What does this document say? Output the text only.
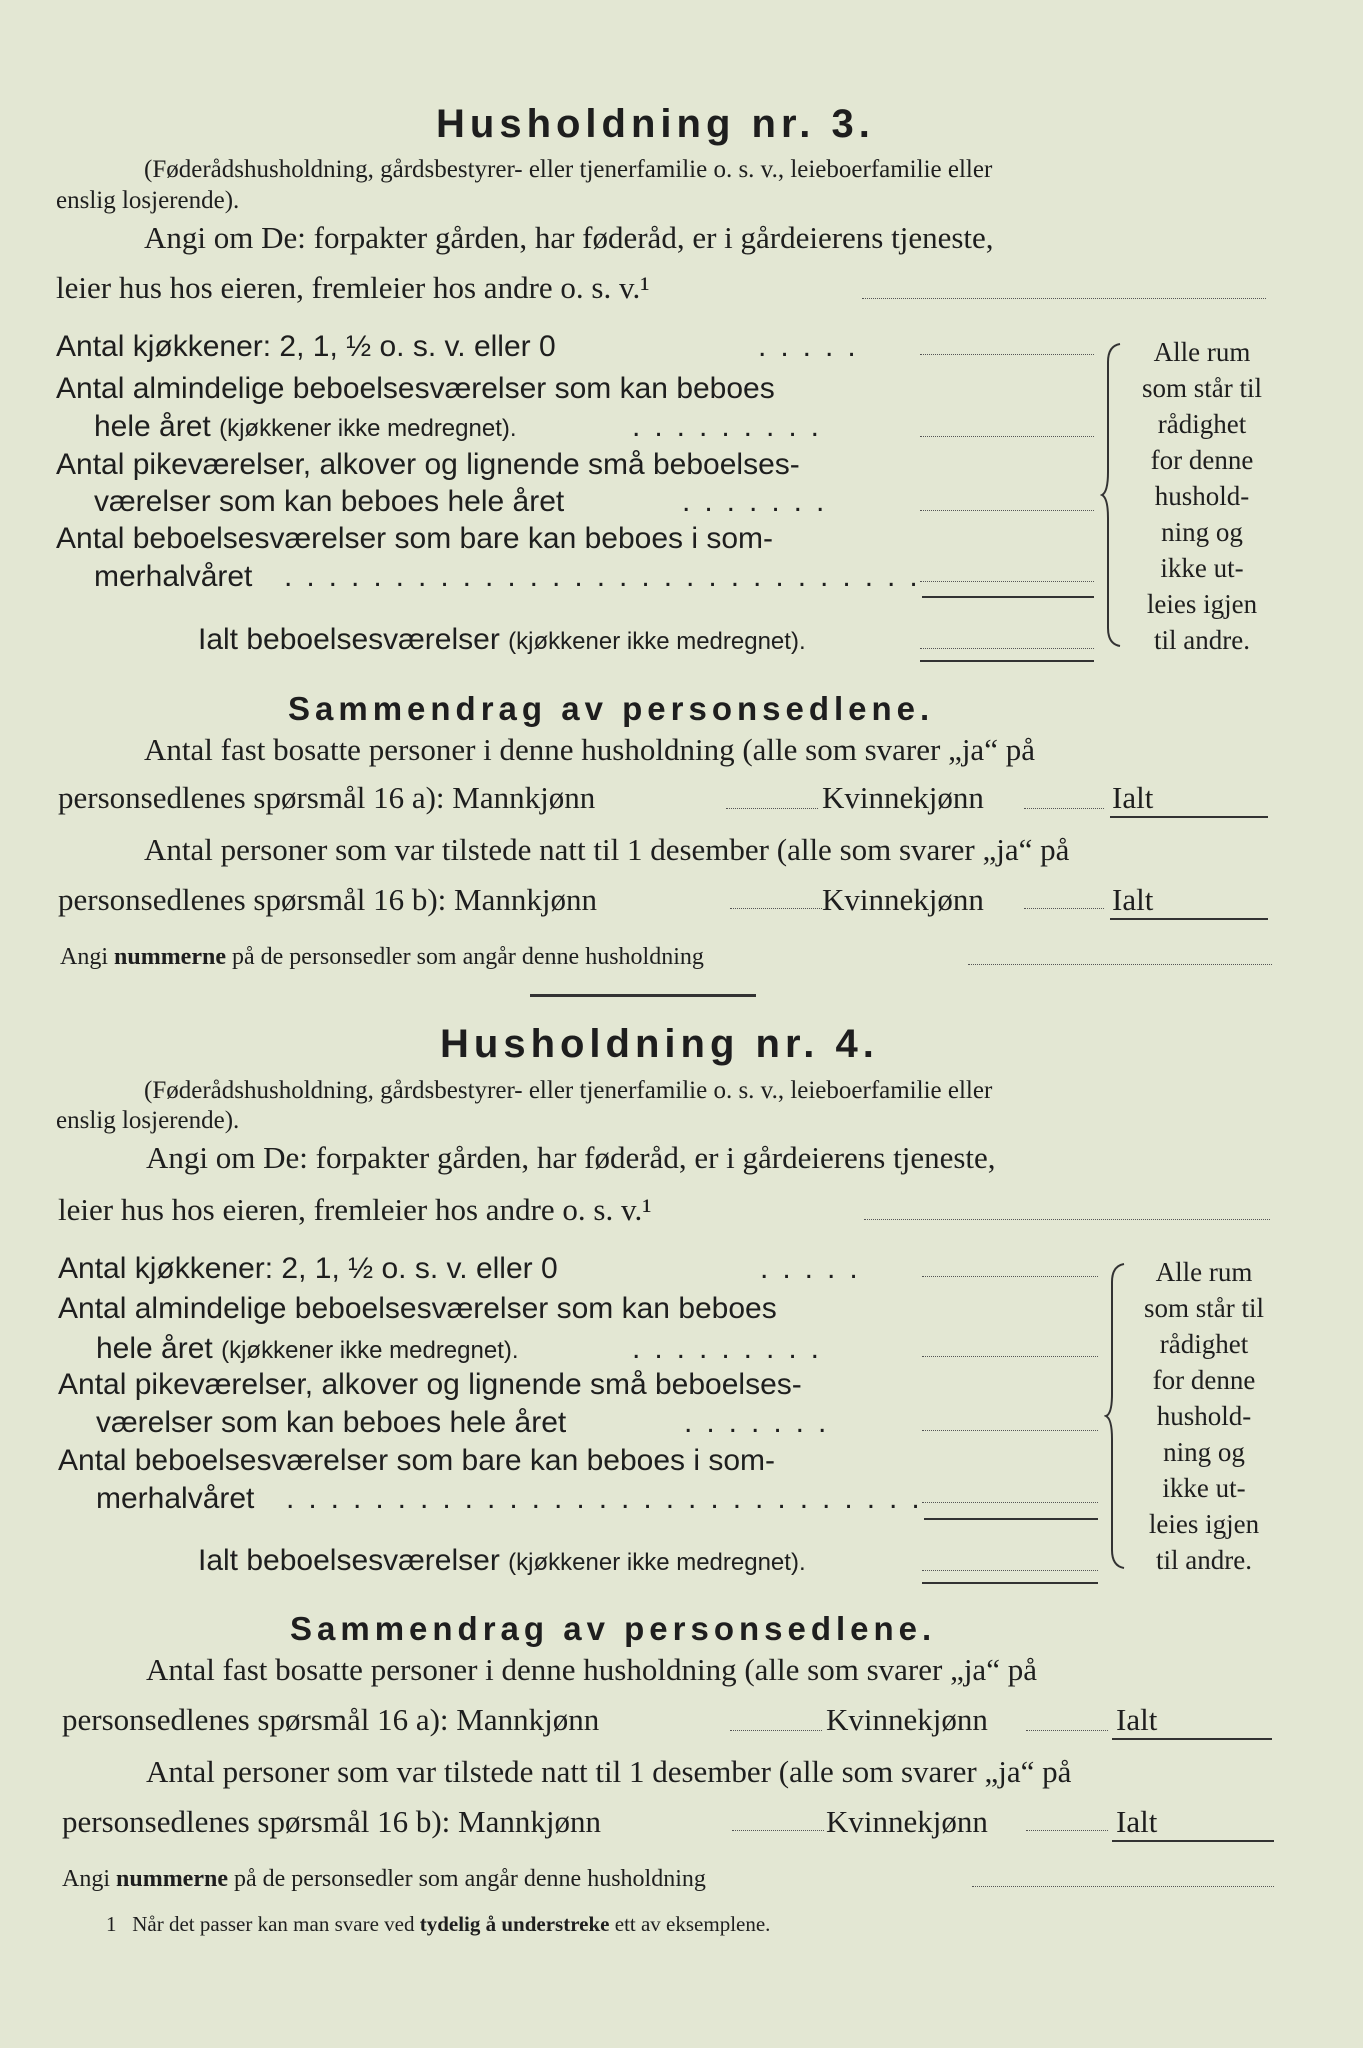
Husholdning nr. 3.
(Føderådshusholdning, gårdsbestyrer- eller tjenerfamilie o. s. v., leieboerfamilie eller
enslig losjerende).
Angi om De: forpakter gården, har føderåd, er i gårdeierens tjeneste,
leier hus hos eieren, fremleier hos andre o. s. v.¹
Antal kjøkkener: 2, 1, ½ o. s. v. eller 0	.....
Antal almindelige beboelsesværelser som kan beboes
hele året (kjøkkener ikke medregnet).	.........
Antal pikeværelser, alkover og lignende små beboelses-
værelser som kan beboes hele året	.......
Antal beboelsesværelser som bare kan beboes i som-
merhalvåret .............................
Ialt beboelsesværelser (kjøkkener ikke medregnet).
Alle rum
som står til
rådighet
for denne
hushold-
ning og
ikke ut-
leies igjen
til andre.
Sammendrag av personsedlene.
Antal fast bosatte personer i denne husholdning (alle som svarer „ja“ på
personsedlenes spørsmål 16 a): Mannkjønn	Kvinnekjønn	Ialt
Antal personer som var tilstede natt til 1 desember (alle som svarer „ja“ på
personsedlenes spørsmål 16 b): Mannkjønn	Kvinnekjønn	Ialt
Angi nummerne på de personsedler som angår denne husholdning
Husholdning nr. 4.
(Føderådshusholdning, gårdsbestyrer- eller tjenerfamilie o. s. v., leieboerfamilie eller
enslig losjerende).
Angi om De: forpakter gården, har føderåd, er i gårdeierens tjeneste,
leier hus hos eieren, fremleier hos andre o. s. v.¹
Antal kjøkkener: 2, 1, ½ o. s. v. eller 0	.....
Antal almindelige beboelsesværelser som kan beboes
hele året (kjøkkener ikke medregnet).	.........
Antal pikeværelser, alkover og lignende små beboelses-
værelser som kan beboes hele året	.......
Antal beboelsesværelser som bare kan beboes i som-
merhalvåret .............................
Ialt beboelsesværelser (kjøkkener ikke medregnet).
Alle rum
som står til
rådighet
for denne
hushold-
ning og
ikke ut-
leies igjen
til andre.
Sammendrag av personsedlene.
Antal fast bosatte personer i denne husholdning (alle som svarer „ja“ på
personsedlenes spørsmål 16 a): Mannkjønn	Kvinnekjønn	Ialt
Antal personer som var tilstede natt til 1 desember (alle som svarer „ja“ på
personsedlenes spørsmål 16 b): Mannkjønn	Kvinnekjønn	Ialt
Angi nummerne på de personsedler som angår denne husholdning
1 Når det passer kan man svare ved tydelig å understreke ett av eksemplene.
